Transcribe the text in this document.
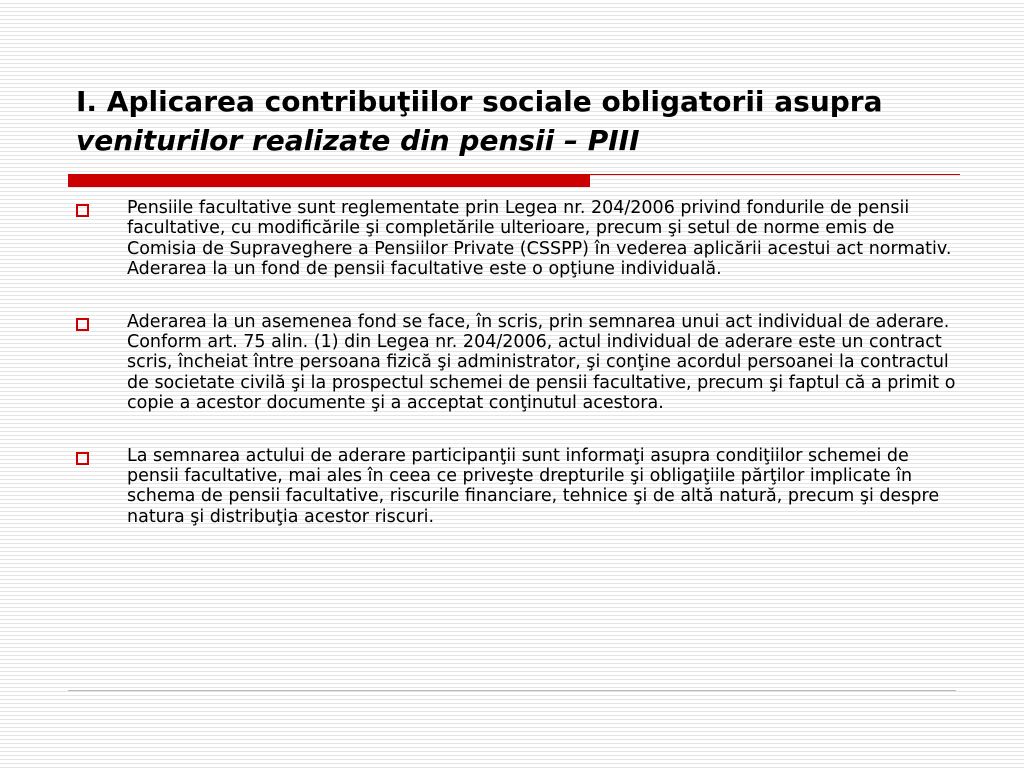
I. Aplicarea contribuţiilor sociale obligatorii asupra
veniturilor realizate din pensii – PIII
Pensiile facultative sunt reglementate prin Legea nr. 204/2006 privind fondurile de pensii facultative, cu modificările şi completările ulterioare, precum şi setul de norme emis de Comisia de Supraveghere a Pensiilor Private (CSSPP) în vederea aplicării acestui act normativ. Aderarea la un fond de pensii facultative este o opţiune individuală.
Aderarea la un asemenea fond se face, în scris, prin semnarea unui act individual de aderare. Conform art. 75 alin. (1) din Legea nr. 204/2006, actul individual de aderare este un contract scris, încheiat între persoana fizică şi administrator, şi conţine acordul persoanei la contractul de societate civilă şi la prospectul schemei de pensii facultative, precum şi faptul că a primit o copie a acestor documente şi a acceptat conţinutul acestora.
La semnarea actului de aderare participanţii sunt informaţi asupra condiţiilor schemei de pensii facultative, mai ales în ceea ce priveşte drepturile şi obligaţiile părţilor implicate în schema de pensii facultative, riscurile financiare, tehnice şi de altă natură, precum şi despre natura şi distribuţia acestor riscuri.
